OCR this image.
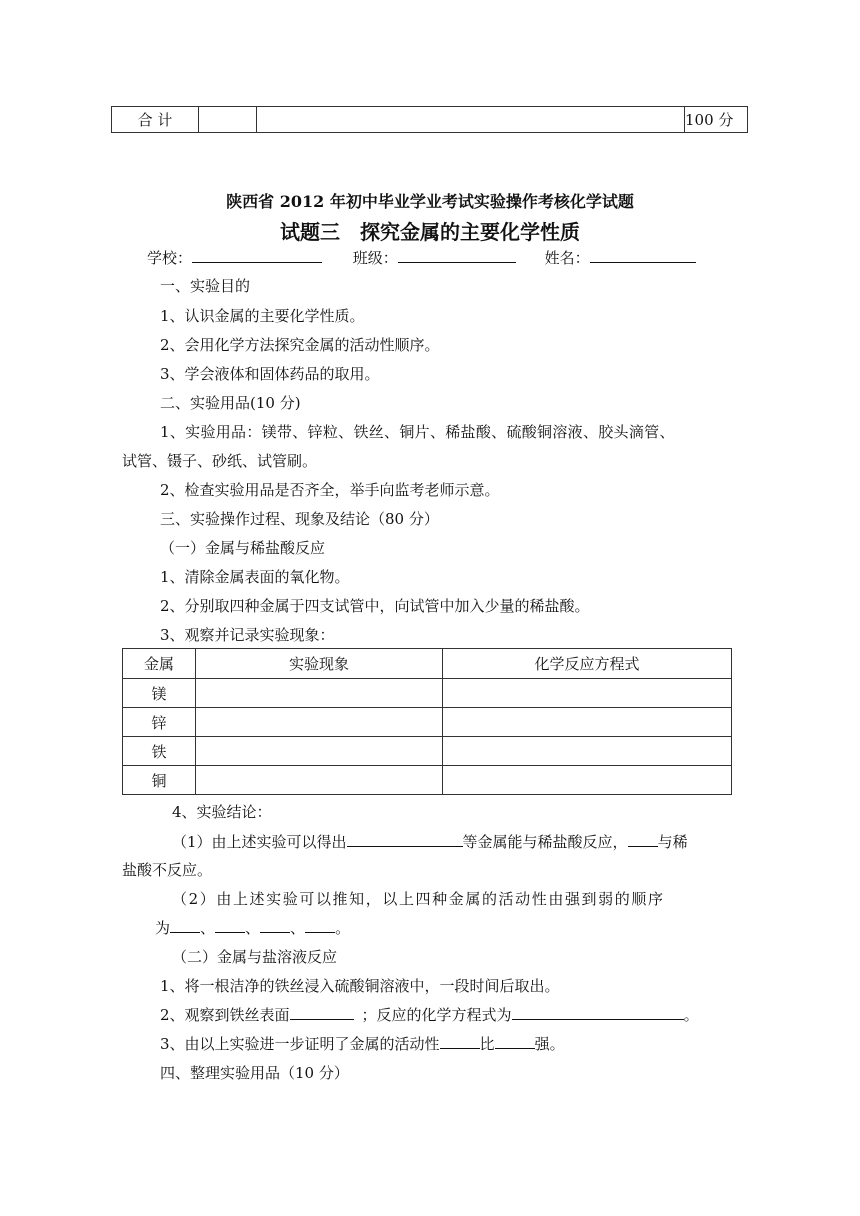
合 计			100 分
陕西省 2012 年初中毕业学业考试实验操作考核化学试题
试题三　探究金属的主要化学性质
学校：	班级：	姓名：
一、实验目的
1、认识金属的主要化学性质。
2、会用化学方法探究金属的活动性顺序。
3、学会液体和固体药品的取用。
二、实验用品(10 分)
1、实验用品：镁带、锌粒、铁丝、铜片、稀盐酸、硫酸铜溶液、胶头滴管、
试管、镊子、砂纸、试管刷。
2、检查实验用品是否齐全，举手向监考老师示意。
三、实验操作过程、现象及结论（80 分）
（一）金属与稀盐酸反应
1、清除金属表面的氧化物。
2、分别取四种金属于四支试管中，向试管中加入少量的稀盐酸。
3、观察并记录实验现象：
金属	实验现象	化学反应方程式
镁		
锌		
铁		
铜		
4、实验结论：
（1）由上述实验可以得出	等金属能与稀盐酸反应， 与稀
盐酸不反应。
（2）由上述实验可以推知，以上四种金属的活动性由强到弱的顺序
为 、 、 、 。
（二）金属与盐溶液反应
1、将一根洁净的铁丝浸入硫酸铜溶液中，一段时间后取出。
2、观察到铁丝表面	；反应的化学方程式为	。
3、由以上实验进一步证明了金属的活动性	比	强。
四、整理实验用品（10 分）
